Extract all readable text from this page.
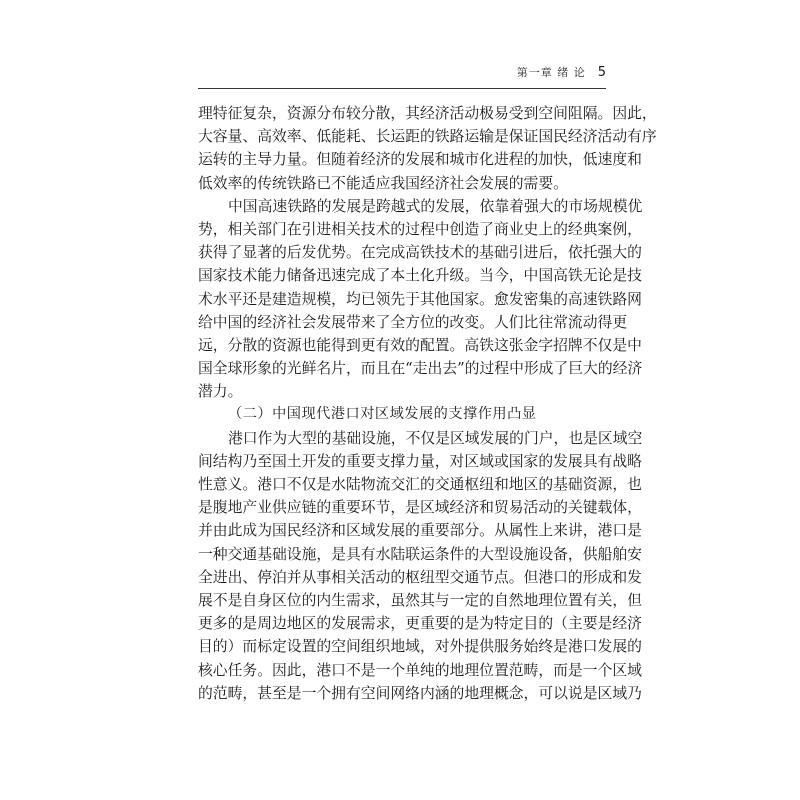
第一章 绪 论 5
理特征复杂，资源分布较分散，其经济活动极易受到空间阻隔。因此，
大容量、高效率、低能耗、长运距的铁路运输是保证国民经济活动有序
运转的主导力量。但随着经济的发展和城市化进程的加快，低速度和
低效率的传统铁路已不能适应我国经济社会发展的需要。
中国高速铁路的发展是跨越式的发展，依靠着强大的市场规模优
势，相关部门在引进相关技术的过程中创造了商业史上的经典案例，
获得了显著的后发优势。在完成高铁技术的基础引进后，依托强大的
国家技术能力储备迅速完成了本土化升级。当今，中国高铁无论是技
术水平还是建造规模，均已领先于其他国家。愈发密集的高速铁路网
给中国的经济社会发展带来了全方位的改变。人们比往常流动得更
远，分散的资源也能得到更有效的配置。高铁这张金字招牌不仅是中
国全球形象的光鲜名片，而且在“走出去”的过程中形成了巨大的经济
潜力。
（二）中国现代港口对区域发展的支撑作用凸显
港口作为大型的基础设施，不仅是区域发展的门户，也是区域空
间结构乃至国土开发的重要支撑力量，对区域或国家的发展具有战略
性意义。港口不仅是水陆物流交汇的交通枢纽和地区的基础资源，也
是腹地产业供应链的重要环节，是区域经济和贸易活动的关键载体，
并由此成为国民经济和区域发展的重要部分。从属性上来讲，港口是
一种交通基础设施，是具有水陆联运条件的大型设施设备，供船舶安
全进出、停泊并从事相关活动的枢纽型交通节点。但港口的形成和发
展不是自身区位的内生需求，虽然其与一定的自然地理位置有关，但
更多的是周边地区的发展需求，更重要的是为特定目的（主要是经济
目的）而标定设置的空间组织地域，对外提供服务始终是港口发展的
核心任务。因此，港口不是一个单纯的地理位置范畴，而是一个区域
的范畴，甚至是一个拥有空间网络内涵的地理概念，可以说是区域乃
